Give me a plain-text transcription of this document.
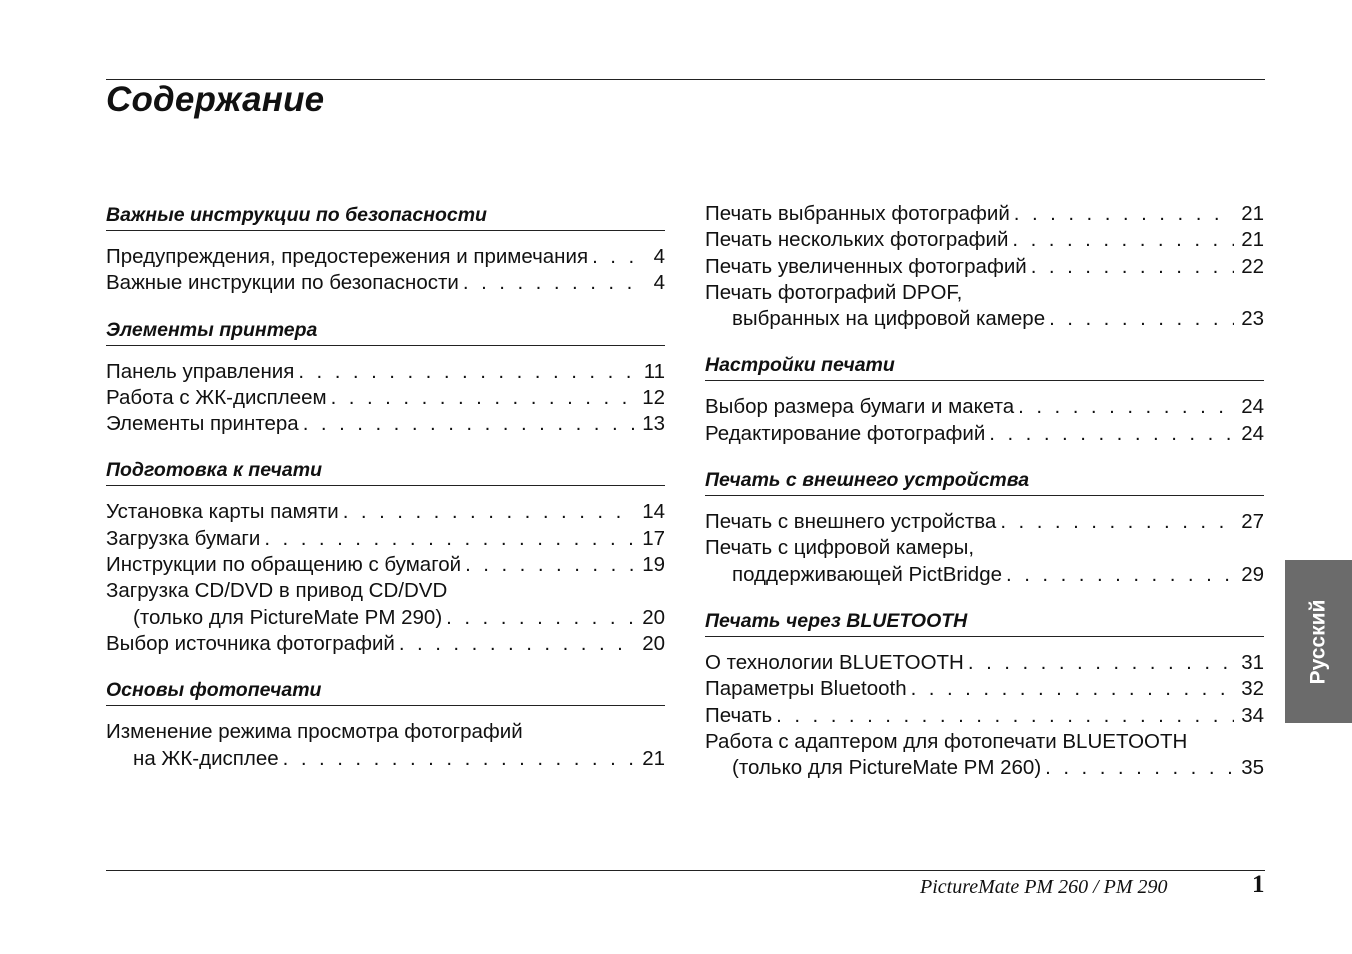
Содержание
Важные инструкции по безопасности
Предупреждения, предостережения и примечания . . .	4
Важные инструкции по безопасности . . .	4
Элементы принтера
Панель управления . . .	11
Работа с ЖК-дисплеем . . .	12
Элементы принтера . . .	13
Подготовка к печати
Установка карты памяти . . .	14
Загрузка бумаги . . .	17
Инструкции по обращению с бумагой . . .	19
Загрузка CD/DVD в привод CD/DVD
(только для PictureMate PM 290) . . .	20
Выбор источника фотографий . . .	20
Основы фотопечати
Изменение режима просмотра фотографий
на ЖК-дисплее . . .	21
Печать выбранных фотографий . . .	21
Печать нескольких фотографий . . .	21
Печать увеличенных фотографий . . .	22
Печать фотографий DPOF,
выбранных на цифровой камере . . .	23
Настройки печати
Выбор размера бумаги и макета . . .	24
Редактирование фотографий . . .	24
Печать с внешнего устройства
Печать с внешнего устройства . . .	27
Печать с цифровой камеры,
поддерживающей PictBridge . . .	29
Печать через BLUETOOTH
О технологии BLUETOOTH . . .	31
Параметры Bluetooth . . .	32
Печать . . .	34
Работа с адаптером для фотопечати BLUETOOTH
(только для PictureMate PM 260) . . .	35
Русский
PictureMate PM 260 / PM 290	1
